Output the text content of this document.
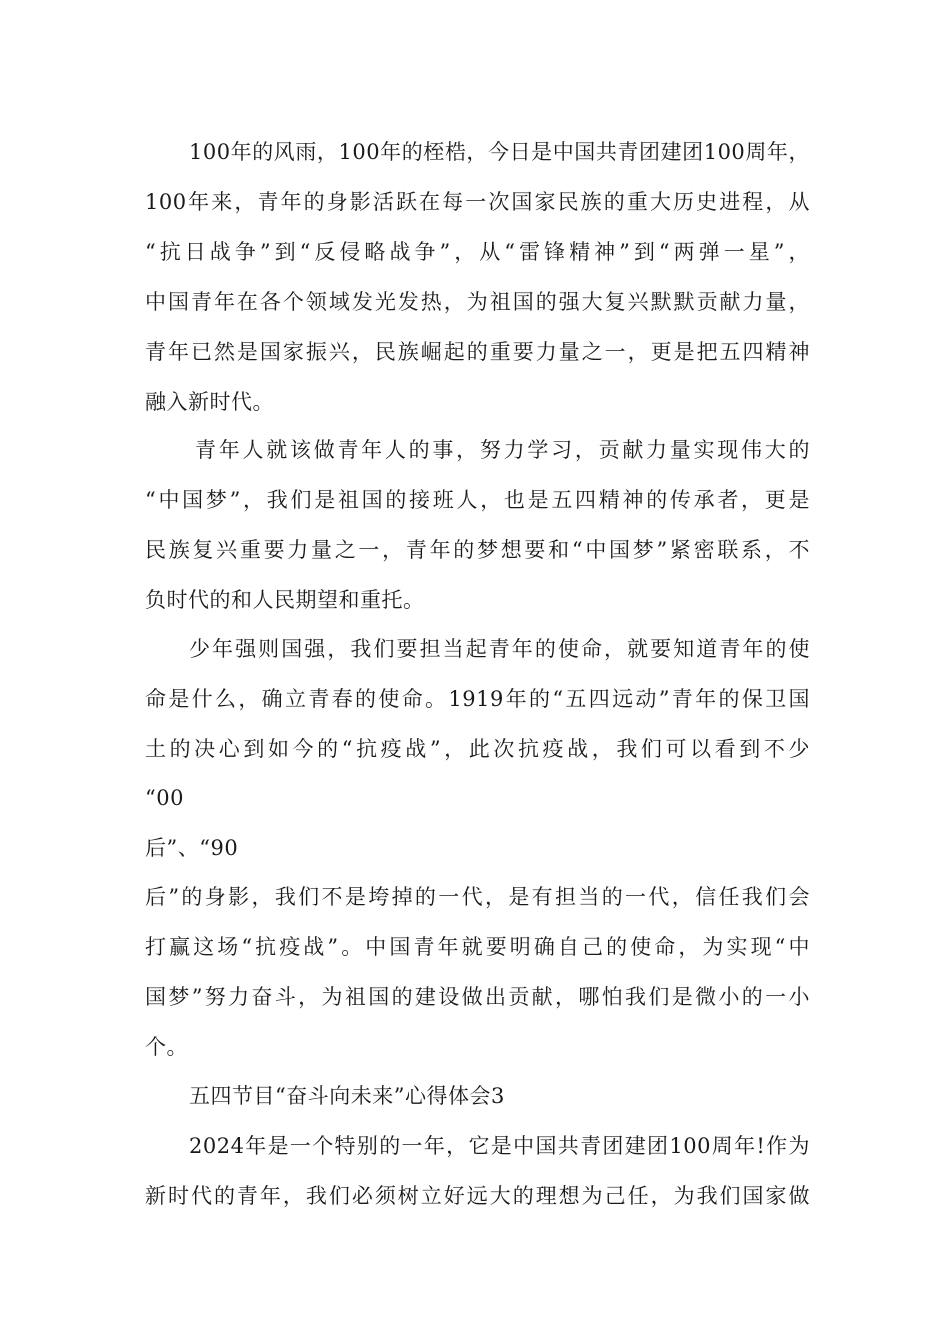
100年的风雨，100年的桎梏，今日是中国共青团建团100周年，
100年来，青年的身影活跃在每一次国家民族的重大历史进程，从
“抗日战争”到“反侵略战争”，从“雷锋精神”到“两弹一星”，
中国青年在各个领域发光发热，为祖国的强大复兴默默贡献力量，
青年已然是国家振兴，民族崛起的重要力量之一，更是把五四精神
融入新时代。
青年人就该做青年人的事，努力学习，贡献力量实现伟大的
“中国梦”，我们是祖国的接班人，也是五四精神的传承者，更是
民族复兴重要力量之一，青年的梦想要和“中国梦”紧密联系，不
负时代的和人民期望和重托。
少年强则国强，我们要担当起青年的使命，就要知道青年的使
命是什么，确立青春的使命。1919年的“五四远动”青年的保卫国
土的决心到如今的“抗疫战”，此次抗疫战，我们可以看到不少
“00
后”、“90
后”的身影，我们不是垮掉的一代，是有担当的一代，信任我们会
打赢这场“抗疫战”。中国青年就要明确自己的使命，为实现“中
国梦”努力奋斗，为祖国的建设做出贡献，哪怕我们是微小的一小
个。
五四节目“奋斗向未来”心得体会3
2024年是一个特别的一年，它是中国共青团建团100周年!作为
新时代的青年，我们必须树立好远大的理想为己任，为我们国家做
